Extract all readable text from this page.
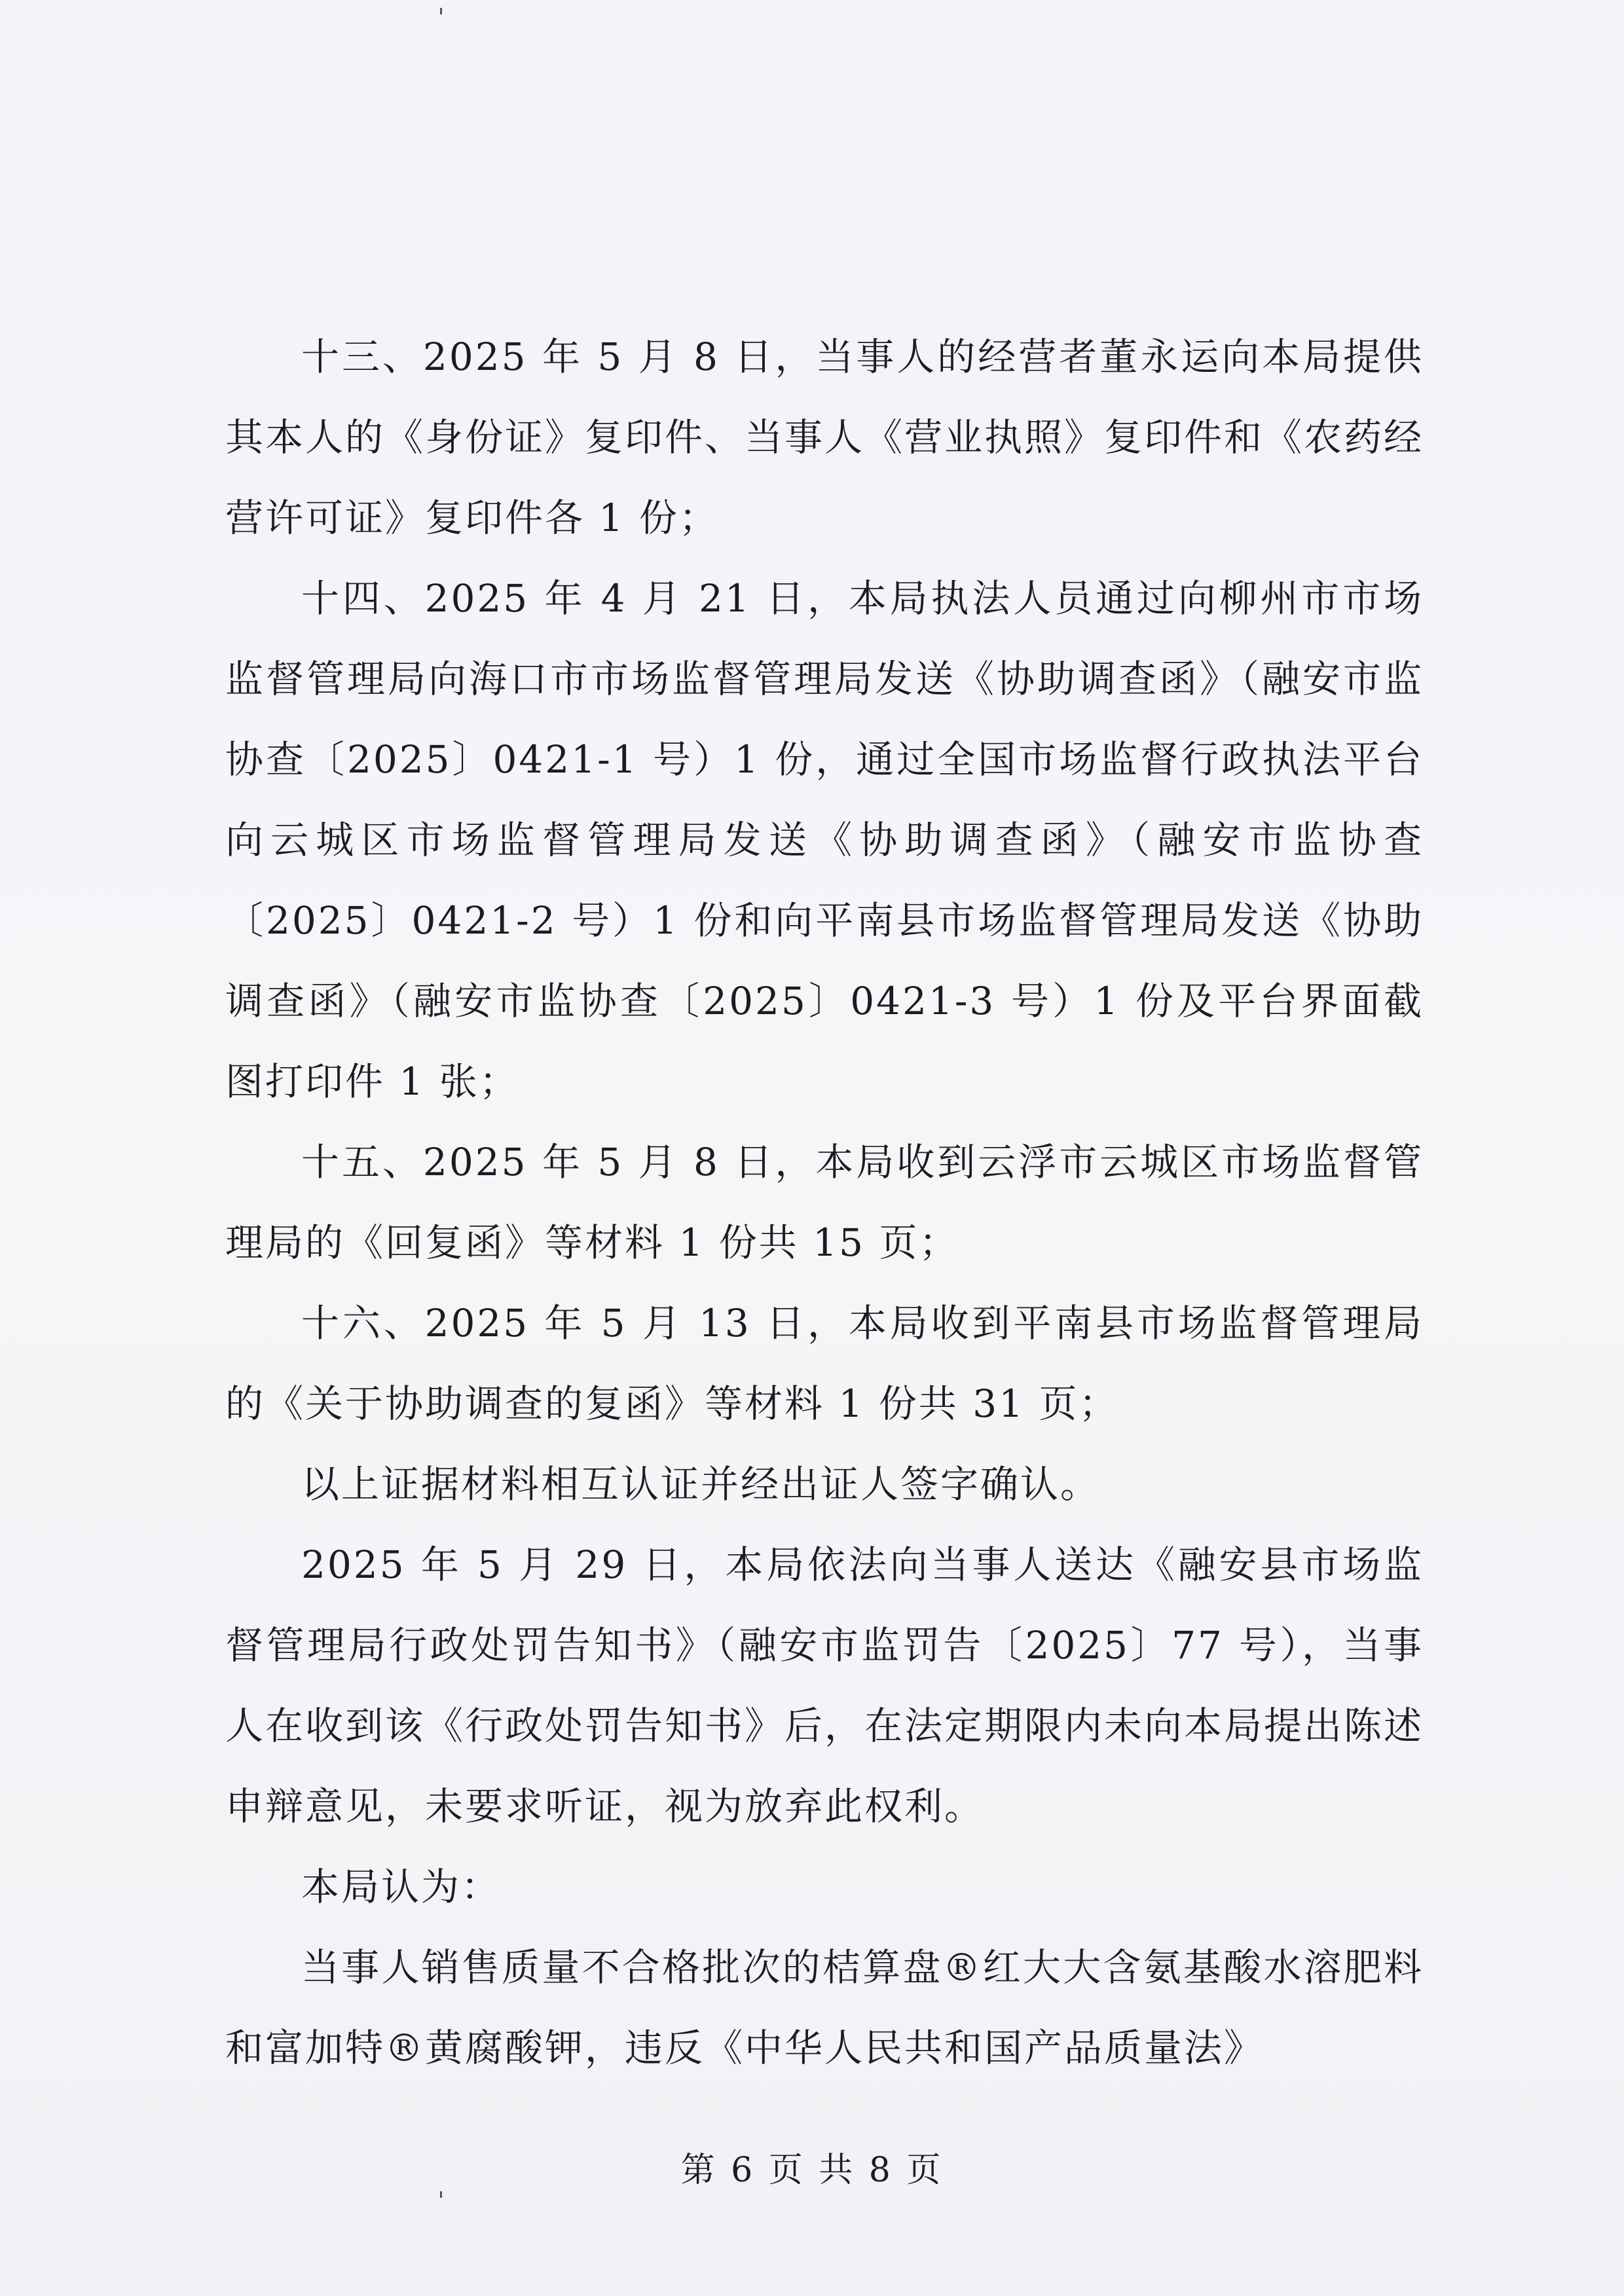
十三、2025 年 5 月 8 日，当事人的经营者董永运向本局提供其本人的《身份证》复印件、当事人《营业执照》复印件和《农药经营许可证》复印件各 1 份；

十四、2025 年 4 月 21 日，本局执法人员通过向柳州市市场监督管理局向海口市市场监督管理局发送《协助调查函》（融安市监协查〔2025〕0421-1 号）1 份，通过全国市场监督行政执法平台向云城区市场监督管理局发送《协助调查函》（融安市监协查〔2025〕0421-2 号）1 份和向平南县市场监督管理局发送《协助调查函》（融安市监协查〔2025〕0421-3 号）1 份及平台界面截图打印件 1 张；

十五、2025 年 5 月 8 日，本局收到云浮市云城区市场监督管理局的《回复函》等材料 1 份共 15 页；

十六、2025 年 5 月 13 日，本局收到平南县市场监督管理局的《关于协助调查的复函》等材料 1 份共 31 页；

以上证据材料相互认证并经出证人签字确认。

2025 年 5 月 29 日，本局依法向当事人送达《融安县市场监督管理局行政处罚告知书》（融安市监罚告〔2025〕77 号），当事人在收到该《行政处罚告知书》后，在法定期限内未向本局提出陈述申辩意见，未要求听证，视为放弃此权利。

本局认为：

当事人销售质量不合格批次的桔算盘®红大大含氨基酸水溶肥料和富加特®黄腐酸钾，违反《中华人民共和国产品质量法》

第 6 页 共 8 页
